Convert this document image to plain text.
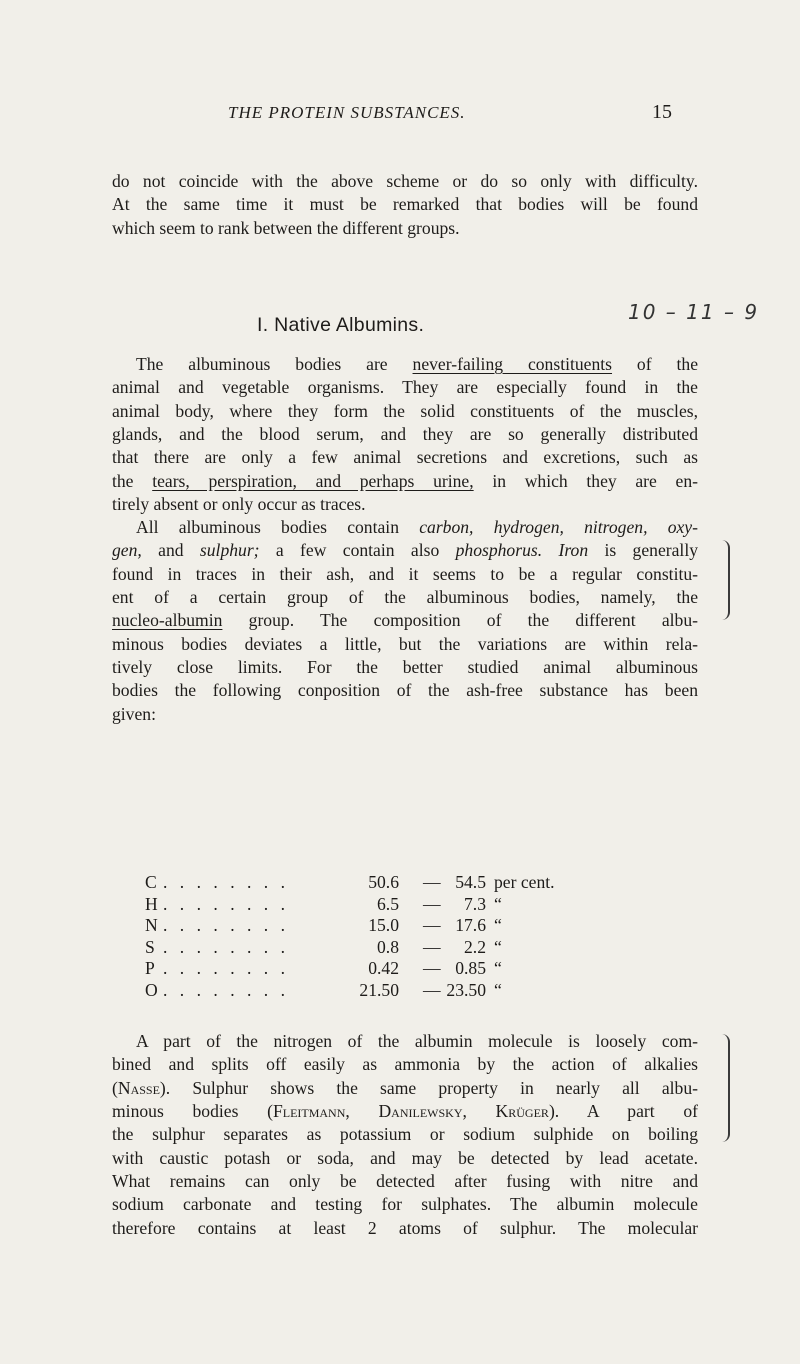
THE PROTEIN SUBSTANCES.	15
do not coincide with the above scheme or do so only with difficulty.
At the same time it must be remarked that bodies will be found
which seem to rank between the different groups.
I. Native Albumins.
10 – 11 – 9
The albuminous bodies are never-failing constituents of the
animal and vegetable organisms. They are especially found in the
animal body, where they form the solid constituents of the muscles,
glands, and the blood serum, and they are so generally distributed
that there are only a few animal secretions and excretions, such as
the tears, perspiration, and perhaps urine, in which they are en-
tirely absent or only occur as traces.
All albuminous bodies contain carbon, hydrogen, nitrogen, oxy-
gen, and sulphur; a few contain also phosphorus. Iron is generally
found in traces in their ash, and it seems to be a regular constitu-
ent of a certain group of the albuminous bodies, namely, the
nucleo-albumin group. The composition of the different albu-
minous bodies deviates a little, but the variations are within rela-
tively close limits. For the better studied animal albuminous
bodies the following conposition of the ash-free substance has been
given:
C . . . . . . . .	50.6 — 54.5 per cent.
H . . . . . . . .	6.5 —	7.3 “
N . . . . . . . .	15.0 — 17.6 “
S . . . . . . . .	0.8 —	2.2 “
P . . . . . . . .	0.42 — 0.85 “
O . . . . . . . .	21.50 — 23.50 “
A part of the nitrogen of the albumin molecule is loosely com-
bined and splits off easily as ammonia by the action of alkalies
(Nasse). Sulphur shows the same property in nearly all albu-
minous bodies (Fleitmann, Danilewsky, Krüger). A part of
the sulphur separates as potassium or sodium sulphide on boiling
with caustic potash or soda, and may be detected by lead acetate.
What remains can only be detected after fusing with nitre and
sodium carbonate and testing for sulphates. The albumin molecule
therefore contains at least 2 atoms of sulphur. The molecular
